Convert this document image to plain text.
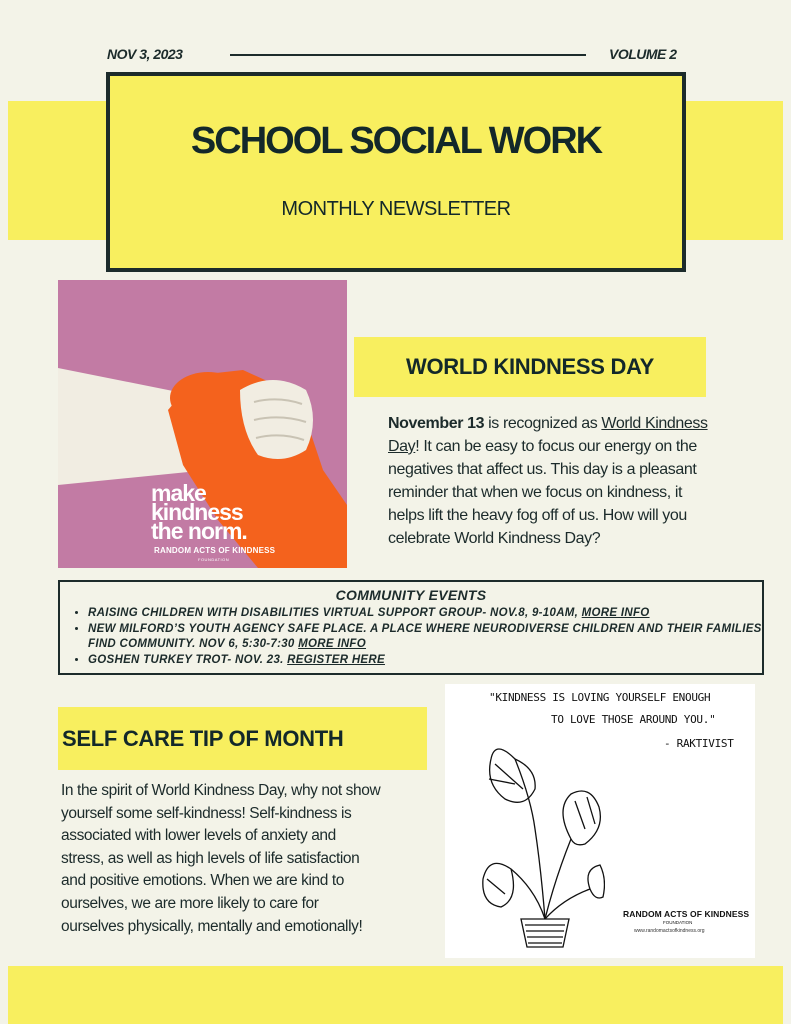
NOV 3, 2023	VOLUME 2
SCHOOL SOCIAL WORK
MONTHLY NEWSLETTER
make
kindness
the norm.
RANDOM ACTS OF KINDNESS
FOUNDATION
WORLD KINDNESS DAY
November 13 is recognized as World Kindness Day! It can be easy to focus our energy on the negatives that affect us. This day is a pleasant reminder that when we focus on kindness, it helps lift the heavy fog off of us. How will you celebrate World Kindness Day?
COMMUNITY EVENTS
• RAISING CHILDREN WITH DISABILITIES VIRTUAL SUPPORT GROUP- NOV.8, 9-10AM, MORE INFO
• NEW MILFORD’S YOUTH AGENCY SAFE PLACE. A PLACE WHERE NEURODIVERSE CHILDREN AND THEIR FAMILIES FIND COMMUNITY. NOV 6, 5:30-7:30 MORE INFO
• GOSHEN TURKEY TROT- NOV. 23. REGISTER HERE
SELF CARE TIP OF MONTH
In the spirit of World Kindness Day, why not show yourself some self-kindness! Self-kindness is associated with lower levels of anxiety and stress, as well as high levels of life satisfaction and positive emotions. When we are kind to ourselves, we are more likely to care for ourselves physically, mentally and emotionally!
"KINDNESS IS LOVING YOURSELF ENOUGH
TO LOVE THOSE AROUND YOU."
- RAKTIVIST
RANDOM ACTS OF KINDNESS
FOUNDATION
www.randomactsofkindness.org
